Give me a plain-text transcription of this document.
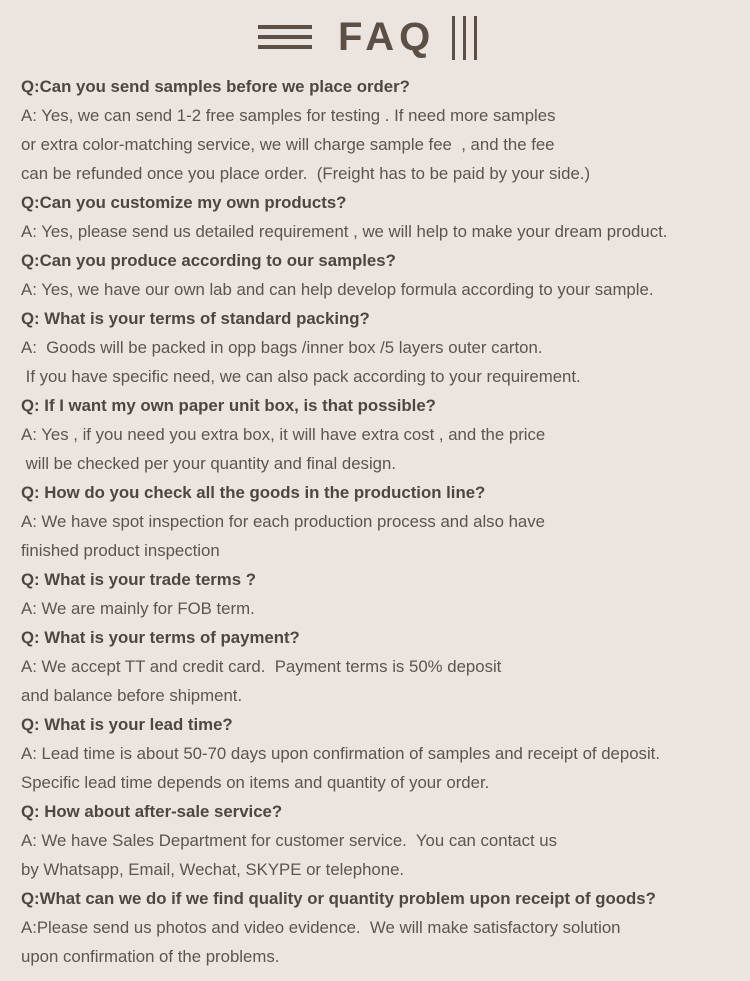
FAQ
Q:Can you send samples before we place order?
A: Yes, we can send 1-2 free samples for testing . If need more samples
or extra color-matching service, we will charge sample fee  , and the fee
can be refunded once you place order.  (Freight has to be paid by your side.)
Q:Can you customize my own products?
A: Yes, please send us detailed requirement , we will help to make your dream product.
Q:Can you produce according to our samples?
A: Yes, we have our own lab and can help develop formula according to your sample.
Q: What is your terms of standard packing?
A:  Goods will be packed in opp bags /inner box /5 layers outer carton.
If you have specific need, we can also pack according to your requirement.
Q: If I want my own paper unit box, is that possible?
A: Yes , if you need you extra box, it will have extra cost , and the price
will be checked per your quantity and final design.
Q: How do you check all the goods in the production line?
A: We have spot inspection for each production process and also have
finished product inspection
Q: What is your trade terms ?
A: We are mainly for FOB term.
Q: What is your terms of payment?
A: We accept TT and credit card.  Payment terms is 50% deposit
and balance before shipment.
Q: What is your lead time?
A: Lead time is about 50-70 days upon confirmation of samples and receipt of deposit.
Specific lead time depends on items and quantity of your order.
Q: How about after-sale service?
A: We have Sales Department for customer service.  You can contact us
by Whatsapp, Email, Wechat, SKYPE or telephone.
Q:What can we do if we find quality or quantity problem upon receipt of goods?
A:Please send us photos and video evidence.  We will make satisfactory solution
upon confirmation of the problems.
